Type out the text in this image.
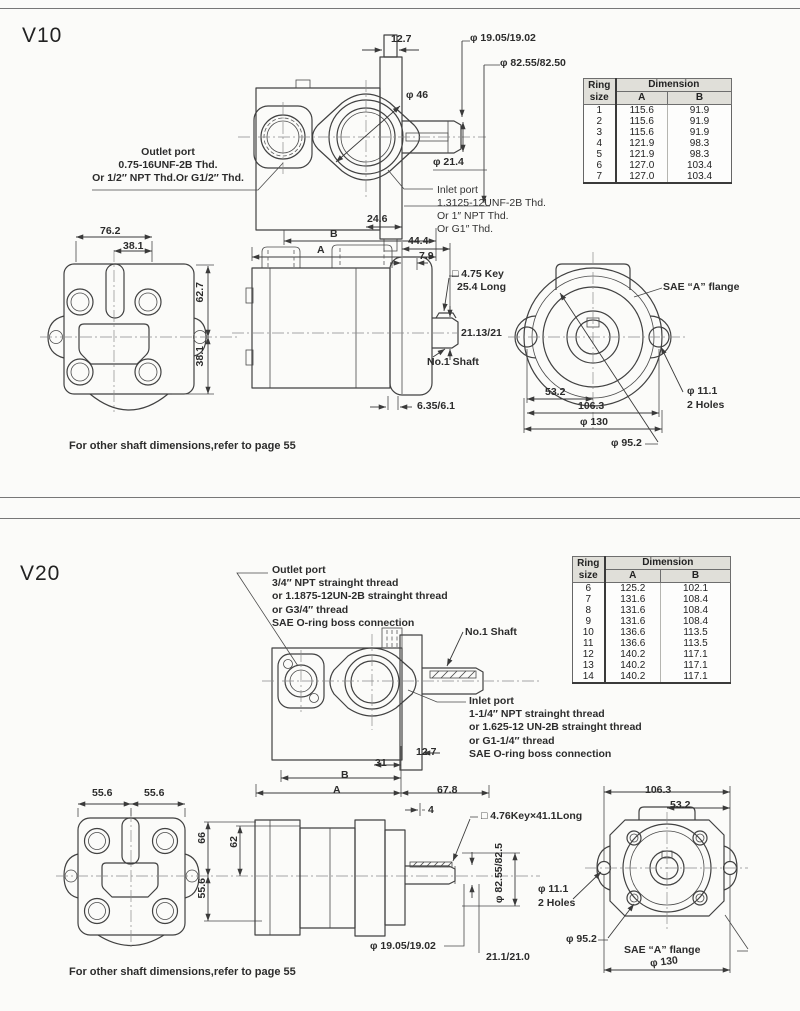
V10	12.7	φ 19.05/19.02
φ 82.55/82.50
φ 46
φ 21.4
Outlet port
0.75-16UNF-2B Thd.
Or 1/2″ NPT Thd.Or G1/2″ Thd.
Inlet port
1.3125-12UNF-2B Thd.
Or 1″ NPT Thd.
Or G1″ Thd.
24.6
B
A
44.4
7.9
□ 4.75 Key
25.4 Long
76.2
38.1
62.7
38.1
21.13/21
No.1 Shaft
6.35/6.1
SAE “A” flange
53.2
106.3
φ 130
φ 95.2
φ 11.1
2 Holes
For other shaft dimensions,refer to page 55
Ring
size	Dimension	
	A	B
1	115.6	91.9
2	115.6	91.9
3	115.6	91.9
4	121.9	98.3
5	121.9	98.3
6	127.0	103.4
7	127.0	103.4
V20	Outlet port
3/4″ NPT strainght thread
or 1.1875-12UN-2B strainght thread
or G3/4″ thread
SAE O-ring boss connection
No.1 Shaft
Inlet port
1-1/4″ NPT strainght thread
or 1.625-12 UN-2B strainght thread
or G1-1/4″ thread
SAE O-ring boss connection
12.7
31
B
A	67.8
4	□ 4.76Key×41.1Long
55.6	55.6
66 62
55.6	φ 82.55/82.5
φ 19.05/19.02
21.1/21.0
φ 11.1
2 Holes
φ 95.2
106.3
53.2
SAE “A” flange
φ 130
For other shaft dimensions,refer to page 55
Ring
size	Dimension	
	A	B
6	125.2	102.1
7	131.6	108.4
8	131.6	108.4
9	131.6	108.4
10	136.6	113.5
11	136.6	113.5
12	140.2	117.1
13	140.2	117.1
14	140.2	117.1
